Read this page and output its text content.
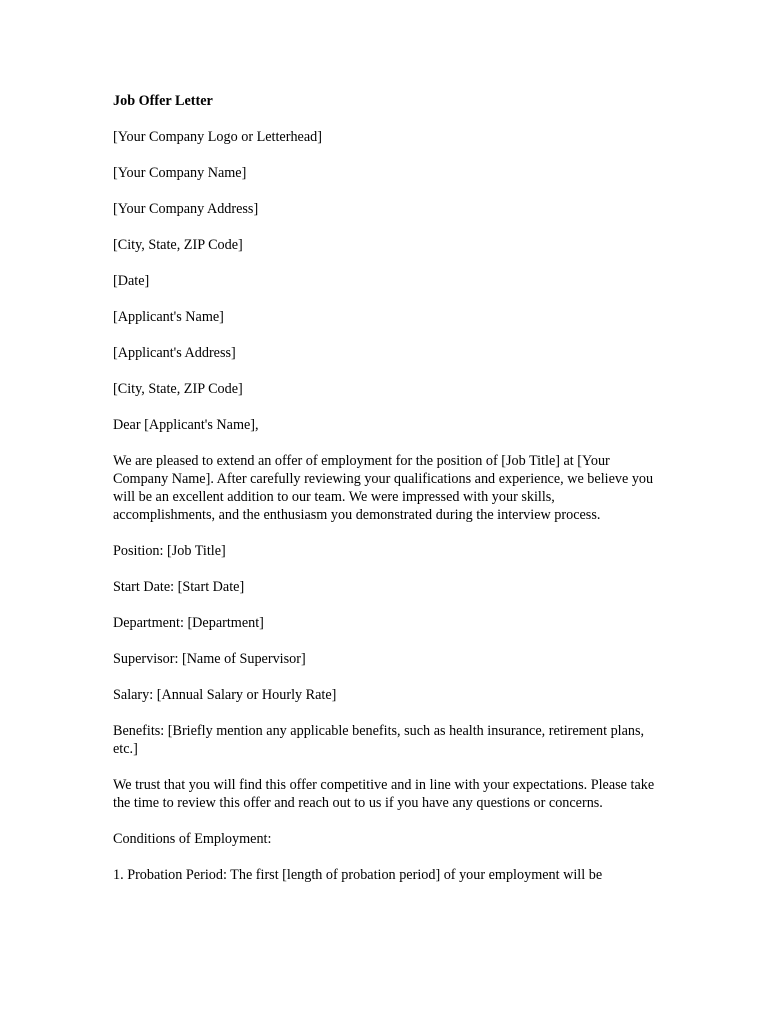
Job Offer Letter

[Your Company Logo or Letterhead]

[Your Company Name]

[Your Company Address]

[City, State, ZIP Code]

[Date]

[Applicant's Name]

[Applicant's Address]

[City, State, ZIP Code]

Dear [Applicant's Name],

We are pleased to extend an offer of employment for the position of [Job Title] at [Your Company Name]. After carefully reviewing your qualifications and experience, we believe you will be an excellent addition to our team. We were impressed with your skills, accomplishments, and the enthusiasm you demonstrated during the interview process.

Position: [Job Title]

Start Date: [Start Date]

Department: [Department]

Supervisor: [Name of Supervisor]

Salary: [Annual Salary or Hourly Rate]

Benefits: [Briefly mention any applicable benefits, such as health insurance, retirement plans, etc.]

We trust that you will find this offer competitive and in line with your expectations. Please take the time to review this offer and reach out to us if you have any questions or concerns.

Conditions of Employment:

1. Probation Period: The first [length of probation period] of your employment will be
